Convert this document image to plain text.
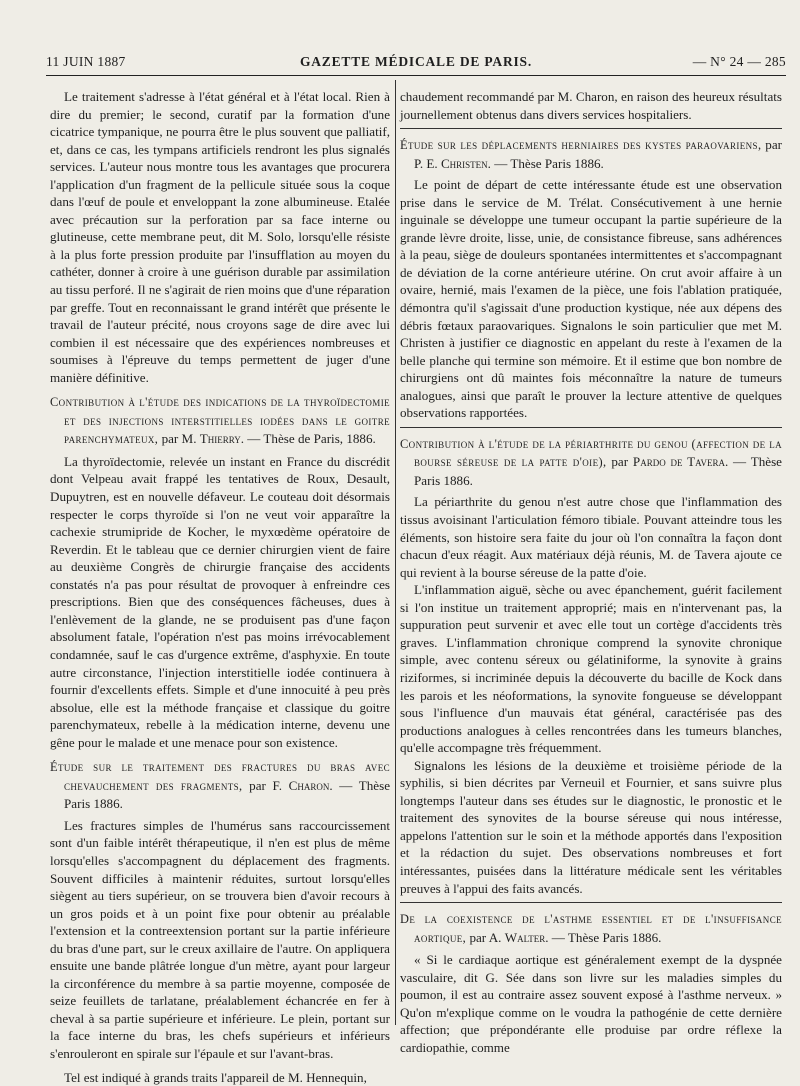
11 JUIN 1887	GAZETTE MÉDICALE DE PARIS.	— N° 24 — 285

Le traitement s'adresse à l'état général et à l'état local. Rien à dire du premier; le second, curatif par la formation d'une cicatrice tympanique, ne pourra être le plus souvent que palliatif, et, dans ce cas, les tympans artificiels rendront les plus signalés services. L'auteur nous montre tous les avantages que procurera l'application d'un fragment de la pellicule située sous la coque dans l'œuf de poule et enveloppant la zone albumineuse. Etalée avec précaution sur la perforation par sa face interne ou glutineuse, cette membrane peut, dit M. Solo, lorsqu'elle résiste à la plus forte pression produite par l'insufflation au moyen du cathéter, donner à croire à une guérison durable par assimilation au tissu perforé. Il ne s'agirait de rien moins que d'une réparation par greffe. Tout en reconnaissant le grand intérêt que présente le travail de l'auteur précité, nous croyons sage de dire avec lui combien il est nécessaire que des expériences nombreuses et soumises à l'épreuve du temps permettent de juger d'une manière définitive.

Contribution à l'étude des indications de la thyroïdectomie et des injections interstitielles iodées dans le goitre parenchymateux, par M. Thierry. — Thèse de Paris, 1886.

La thyroïdectomie, relevée un instant en France du discrédit dont Velpeau avait frappé les tentatives de Roux, Desault, Dupuytren, est en nouvelle défaveur. Le couteau doit désormais respecter le corps thyroïde si l'on ne veut voir apparaître la cachexie strumipride de Kocher, le myxœdème opératoire de Reverdin. Et le tableau que ce dernier chirurgien vient de faire au deuxième Congrès de chirurgie française des accidents constatés n'a pas pour résultat de provoquer à enfreindre ces prescriptions. Bien que des conséquences fâcheuses, dues à l'enlèvement de la glande, ne se produisent pas d'une façon absolument fatale, l'opération n'est pas moins irrévocablement condamnée, sauf le cas d'urgence extrême, d'asphyxie. En toute autre circonstance, l'injection interstitielle iodée continuera à fournir d'excellents effets. Simple et d'une innocuité à peu près absolue, elle est la méthode française et classique du goitre parenchymateux, rebelle à la médication interne, devenu une gêne pour le malade et une menace pour son existence.

Étude sur le traitement des fractures du bras avec chevauchement des fragments, par F. Charon. — Thèse Paris 1886.

Les fractures simples de l'humérus sans raccourcissement sont d'un faible intérêt thérapeutique, il n'en est plus de même lorsqu'elles s'accompagnent du déplacement des fragments. Souvent difficiles à maintenir réduites, surtout lorsqu'elles siègent au tiers supérieur, on se trouvera bien d'avoir recours à un gros poids et à un point fixe pour obtenir au préalable l'extension et la contreextension portant sur la partie inférieure du bras d'une part, sur le creux axillaire de l'autre. On appliquera ensuite une bande plâtrée longue d'un mètre, ayant pour largeur la circonférence du membre à sa partie moyenne, composée de seize feuillets de tarlatane, préalablement échancrée en fer à cheval à sa partie supérieure et inférieure. Le plein, portant sur la face interne du bras, les chefs supérieurs et inférieurs s'enrouleront en spirale sur l'épaule et sur l'avant-bras.

Tel est indiqué à grands traits l'appareil de M. Hennequin,

chaudement recommandé par M. Charon, en raison des heureux résultats journellement obtenus dans divers services hospitaliers.

Étude sur les déplacements herniaires des kystes paraovariens, par P. E. Christen. — Thèse Paris 1886.

Le point de départ de cette intéressante étude est une observation prise dans le service de M. Trélat. Consécutivement à une hernie inguinale se développe une tumeur occupant la partie supérieure de la grande lèvre droite, lisse, unie, de consistance fibreuse, sans adhérences à la peau, siège de douleurs spontanées intermittentes et s'accompagnant de déviation de la corne antérieure utérine. On crut avoir affaire à un ovaire, hernié, mais l'examen de la pièce, une fois l'ablation pratiquée, démontra qu'il s'agissait d'une production kystique, née aux dépens des débris fœtaux paraovariques. Signalons le soin particulier que met M. Christen à justifier ce diagnostic en appelant du reste à l'examen de la belle planche qui termine son mémoire. Et il estime que bon nombre de chirurgiens ont dû maintes fois méconnaître la nature de tumeurs analogues, ainsi que paraît le prouver la lecture attentive de quelques observations rapportées.

Contribution à l'étude de la périarthrite du genou (affection de la bourse séreuse de la patte d'oie), par Pardo de Tavera. — Thèse Paris 1886.

La périarthrite du genou n'est autre chose que l'inflammation des tissus avoisinant l'articulation fémoro tibiale. Pouvant atteindre tous les éléments, son histoire sera faite du jour où l'on connaîtra la façon dont chacun d'eux réagit. Aux matériaux déjà réunis, M. de Tavera ajoute ce qui revient à la bourse séreuse de la patte d'oie.

L'inflammation aiguë, sèche ou avec épanchement, guérit facilement si l'on institue un traitement approprié; mais en n'intervenant pas, la suppuration peut survenir et avec elle tout un cortège d'accidents très graves. L'inflammation chronique comprend la synovite chronique simple, avec contenu séreux ou gélatiniforme, la synovite à grains riziformes, si incriminée depuis la découverte du bacille de Kock dans les parois et les néoformations, la synovite fongueuse se développant sous l'influence d'un mauvais état général, caractérisée pas des productions analogues à celles rencontrées dans les tumeurs blanches, qu'elle accompagne très fréquemment.

Signalons les lésions de la deuxième et troisième période de la syphilis, si bien décrites par Verneuil et Fournier, et sans suivre plus longtemps l'auteur dans ses études sur le diagnostic, le pronostic et le traitement des synovites de la bourse séreuse qui nous intéresse, appelons l'attention sur le soin et la méthode apportés dans l'exposition et la rédaction du sujet. Des observations nombreuses et fort intéressantes, puisées dans la littérature médicale sent les véritables preuves à l'appui des faits avancés.

De la coexistence de l'asthme essentiel et de l'insuffisance aortique, par A. Walter. — Thèse Paris 1886.

« Si le cardiaque aortique est généralement exempt de la dyspnée vasculaire, dit G. Sée dans son livre sur les maladies simples du poumon, il est au contraire assez souvent exposé à l'asthme nerveux. » Qu'on m'explique comme on le voudra la pathogénie de cette dernière affection; que prépondérante elle produise par ordre réflexe la cardiopathie, comme
